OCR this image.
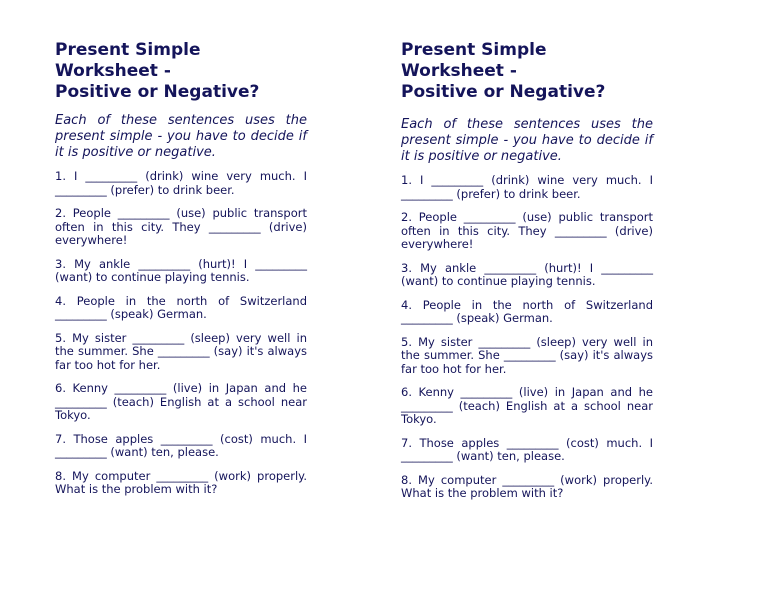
Present Simple Worksheet -
Positive or Negative?

Each of these sentences uses the present simple - you have to decide if it is positive or negative.

1. I _________ (drink) wine very much. I _________ (prefer) to drink beer.

2. People _________ (use) public transport often in this city. They _________ (drive) everywhere!

3. My ankle _________ (hurt)! I _________ (want) to continue playing tennis.

4. People in the north of Switzerland _________ (speak) German.

5. My sister _________ (sleep) very well in the summer. She _________ (say) it's always far too hot for her.

6. Kenny _________ (live) in Japan and he _________ (teach) English at a school near Tokyo.

7. Those apples _________ (cost) much. I _________ (want) ten, please.

8. My computer _________ (work) properly. What is the problem with it?

Present Simple Worksheet -
Positive or Negative?

Each of these sentences uses the present simple - you have to decide if it is positive or negative.

1. I _________ (drink) wine very much. I _________ (prefer) to drink beer.

2. People _________ (use) public transport often in this city. They _________ (drive) everywhere!

3. My ankle _________ (hurt)! I _________ (want) to continue playing tennis.

4. People in the north of Switzerland _________ (speak) German.

5. My sister _________ (sleep) very well in the summer. She _________ (say) it's always far too hot for her.

6. Kenny _________ (live) in Japan and he _________ (teach) English at a school near Tokyo.

7. Those apples _________ (cost) much. I _________ (want) ten, please.

8. My computer _________ (work) properly. What is the problem with it?
